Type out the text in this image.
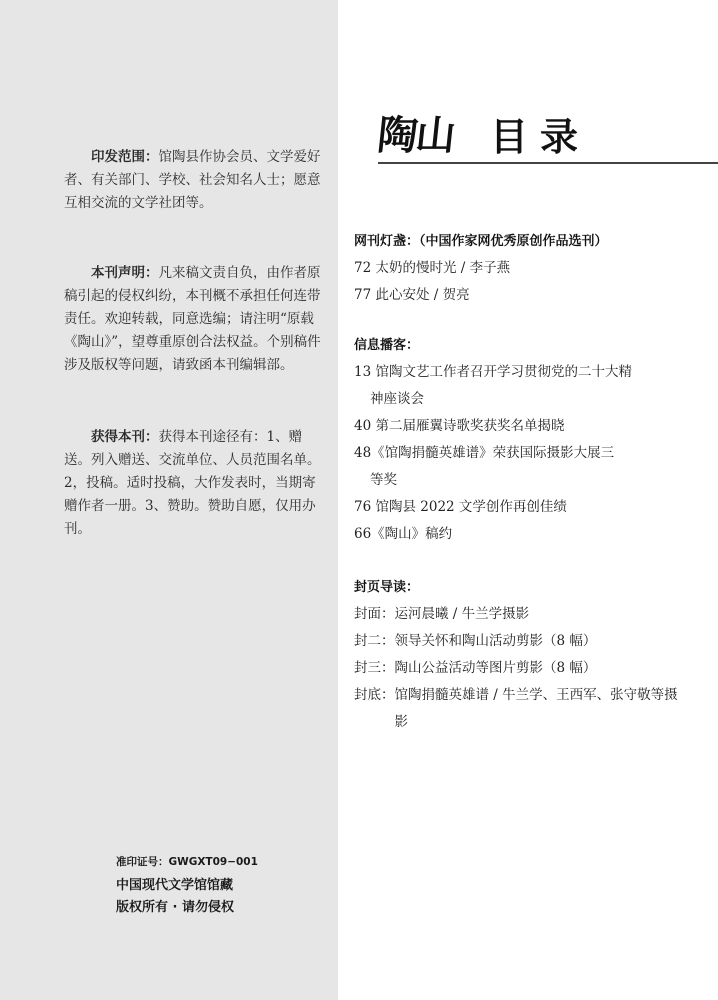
印发范围：馆陶县作协会员、文学爱好者、有关部门、学校、社会知名人士；愿意互相交流的文学社团等。

本刊声明：凡来稿文责自负，由作者原稿引起的侵权纠纷，本刊概不承担任何连带责任。欢迎转载，同意选编；请注明“原载《陶山》”，望尊重原创合法权益。个别稿件涉及版权等问题，请致函本刊编辑部。

获得本刊：获得本刊途径有：1、赠送。列入赠送、交流单位、人员范围名单。2，投稿。适时投稿，大作发表时，当期寄赠作者一册。3、赞助。赞助自愿，仅用办刊。

准印证号：GWGXT09−001
中国现代文学馆馆藏
版权所有 · 请勿侵权
陶山 目录
网刊灯盏：（中国作家网优秀原创作品选刊）
72 太奶的慢时光 / 李子燕
77 此心安处 / 贺亮
信息播客：
13 馆陶文艺工作者召开学习贯彻党的二十大精
神座谈会
40 第二届雁翼诗歌奖获奖名单揭晓
48《馆陶捐髓英雄谱》荣获国际摄影大展三
等奖
76 馆陶县 2022 文学创作再创佳绩
66《陶山》稿约
封页导读：
封面： 运河晨曦 / 牛兰学摄影
封二： 领导关怀和陶山活动剪影（8 幅）
封三： 陶山公益活动等图片剪影（8 幅）
封底： 馆陶捐髓英雄谱 / 牛兰学、王西军、张守敬等摄影
